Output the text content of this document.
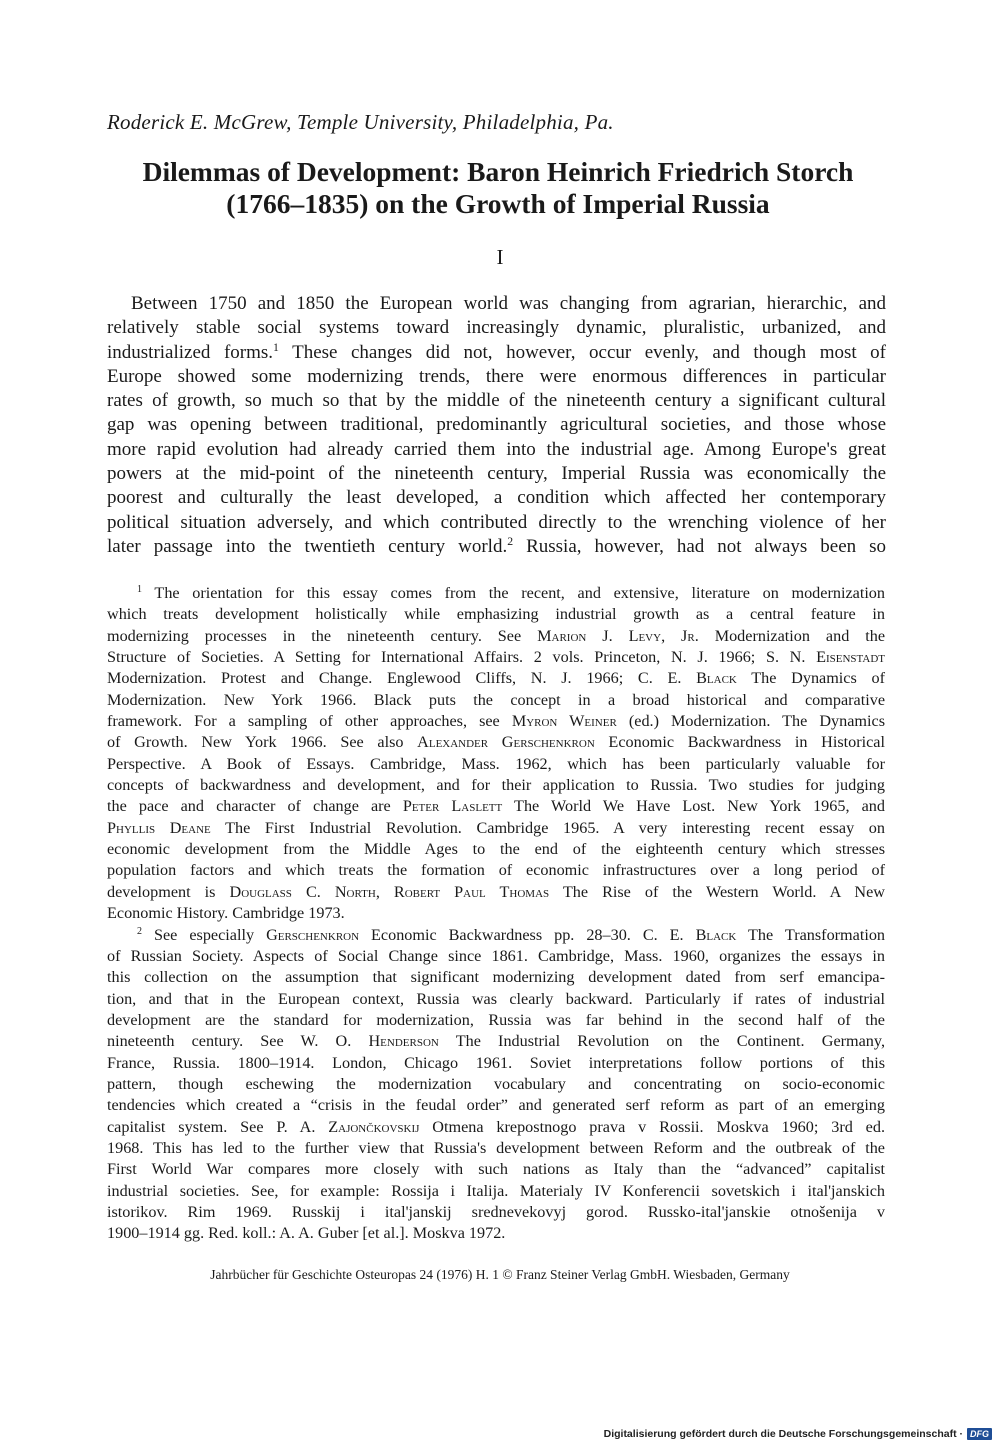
Roderick E. McGrew, Temple University, Philadelphia, Pa.
Dilemmas of Development: Baron Heinrich Friedrich Storch
(1766–1835) on the Growth of Imperial Russia
I
Between 1750 and 1850 the European world was changing from agrarian, hierarchic, and
relatively stable social systems toward increasingly dynamic, pluralistic, urbanized, and
industrialized forms.$^1$ These changes did not, however, occur evenly, and though most of
Europe showed some modernizing trends, there were enormous differences in particular
rates of growth, so much so that by the middle of the nineteenth century a significant cultural
gap was opening between traditional, predominantly agricultural societies, and those whose
more rapid evolution had already carried them into the industrial age. Among Europe's great
powers at the mid-point of the nineteenth century, Imperial Russia was economically the
poorest and culturally the least developed, a condition which affected her contemporary
political situation adversely, and which contributed directly to the wrenching violence of her
later passage into the twentieth century world.$^2$ Russia, however, had not always been so
$^1$ The orientation for this essay comes from the recent, and extensive, literature on modernization
which treats development holistically while emphasizing industrial growth as a central feature in
modernizing processes in the nineteenth century. See Marion J. Levy, Jr. Modernization and the
Structure of Societies. A Setting for International Affairs. 2 vols. Princeton, N. J. 1966; S. N. Eisenstadt
Modernization. Protest and Change. Englewood Cliffs, N. J. 1966; C. E. Black The Dynamics of
Modernization. New York 1966. Black puts the concept in a broad historical and comparative
framework. For a sampling of other approaches, see Myron Weiner (ed.) Modernization. The Dynamics
of Growth. New York 1966. See also Alexander Gerschenkron Economic Backwardness in Historical
Perspective. A Book of Essays. Cambridge, Mass. 1962, which has been particularly valuable for
concepts of backwardness and development, and for their application to Russia. Two studies for judging
the pace and character of change are Peter Laslett The World We Have Lost. New York 1965, and
Phyllis Deane The First Industrial Revolution. Cambridge 1965. A very interesting recent essay on
economic development from the Middle Ages to the end of the eighteenth century which stresses
population factors and which treats the formation of economic infrastructures over a long period of
development is Douglass C. North, Robert Paul Thomas The Rise of the Western World. A New
Economic History. Cambridge 1973.
$^2$ See especially Gerschenkron Economic Backwardness pp. 28–30. C. E. Black The Transformation
of Russian Society. Aspects of Social Change since 1861. Cambridge, Mass. 1960, organizes the essays in
this collection on the assumption that significant modernizing development dated from serf emancipa-
tion, and that in the European context, Russia was clearly backward. Particularly if rates of industrial
development are the standard for modernization, Russia was far behind in the second half of the
nineteenth century. See W. O. Henderson The Industrial Revolution on the Continent. Germany,
France, Russia. 1800–1914. London, Chicago 1961. Soviet interpretations follow portions of this
pattern, though eschewing the modernization vocabulary and concentrating on socio-economic
tendencies which created a “crisis in the feudal order” and generated serf reform as part of an emerging
capitalist system. See P. A. Zajončkovskij Otmena krepostnogo prava v Rossii. Moskva 1960; 3rd ed.
1968. This has led to the further view that Russia's development between Reform and the outbreak of the
First World War compares more closely with such nations as Italy than the “advanced” capitalist
industrial societies. See, for example: Rossija i Italija. Materialy IV Konferencii sovetskich i ital'janskich
istorikov. Rim 1969. Russkij i ital'janskij srednevekovyj gorod. Russko-ital'janskie otnošenija v
1900–1914 gg. Red. koll.: A. A. Guber [et al.]. Moskva 1972.
Jahrbücher für Geschichte Osteuropas 24 (1976) H. 1 © Franz Steiner Verlag GmbH. Wiesbaden, Germany
Digitalisierung gefördert durch die Deutsche Forschungsgemeinschaft · DFG
